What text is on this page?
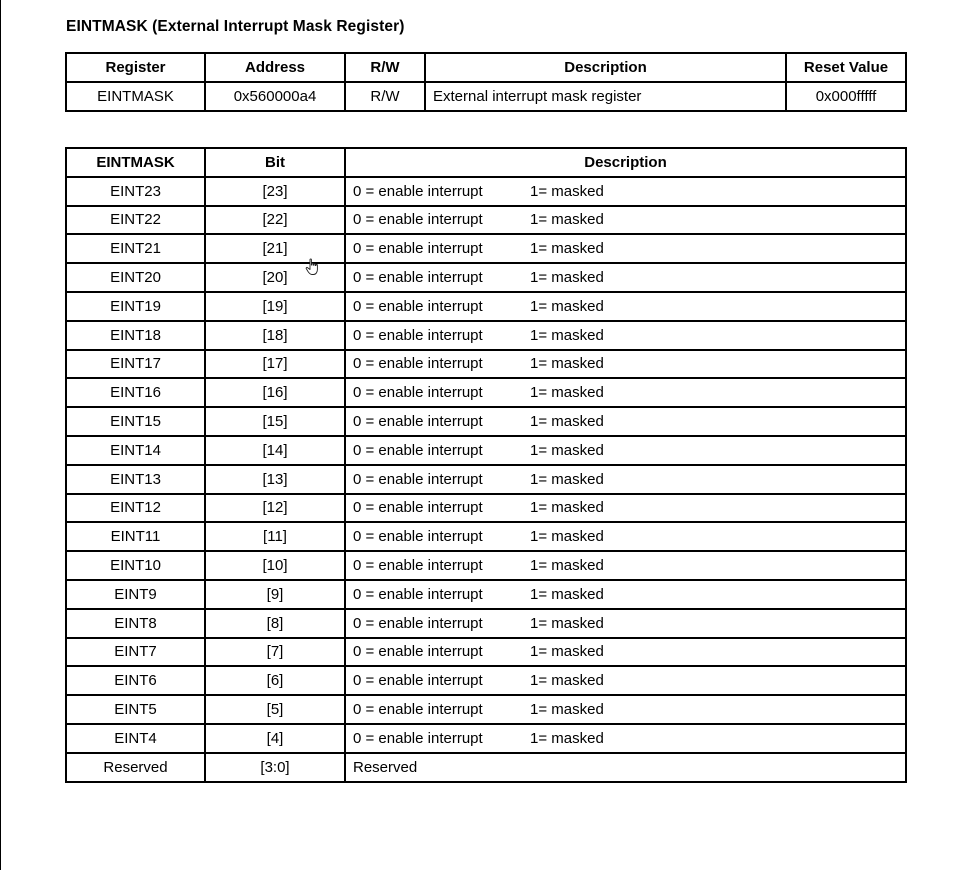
EINTMASK (External Interrupt Mask Register)
Register	Address	R/W	Description	Reset Value
EINTMASK	0x560000a4	R/W	External interrupt mask register	0x000fffff
EINTMASK	Bit	Description
EINT23	[23]	0 = enable interrupt 1= masked
EINT22	[22]	0 = enable interrupt 1= masked
EINT21	[21]	0 = enable interrupt 1= masked
EINT20	[20]	0 = enable interrupt 1= masked
EINT19	[19]	0 = enable interrupt 1= masked
EINT18	[18]	0 = enable interrupt 1= masked
EINT17	[17]	0 = enable interrupt 1= masked
EINT16	[16]	0 = enable interrupt 1= masked
EINT15	[15]	0 = enable interrupt 1= masked
EINT14	[14]	0 = enable interrupt 1= masked
EINT13	[13]	0 = enable interrupt 1= masked
EINT12	[12]	0 = enable interrupt 1= masked
EINT11	[11]	0 = enable interrupt 1= masked
EINT10	[10]	0 = enable interrupt 1= masked
EINT9	[9]	0 = enable interrupt 1= masked
EINT8	[8]	0 = enable interrupt 1= masked
EINT7	[7]	0 = enable interrupt 1= masked
EINT6	[6]	0 = enable interrupt 1= masked
EINT5	[5]	0 = enable interrupt 1= masked
EINT4	[4]	0 = enable interrupt 1= masked
Reserved	[3:0]	Reserved
